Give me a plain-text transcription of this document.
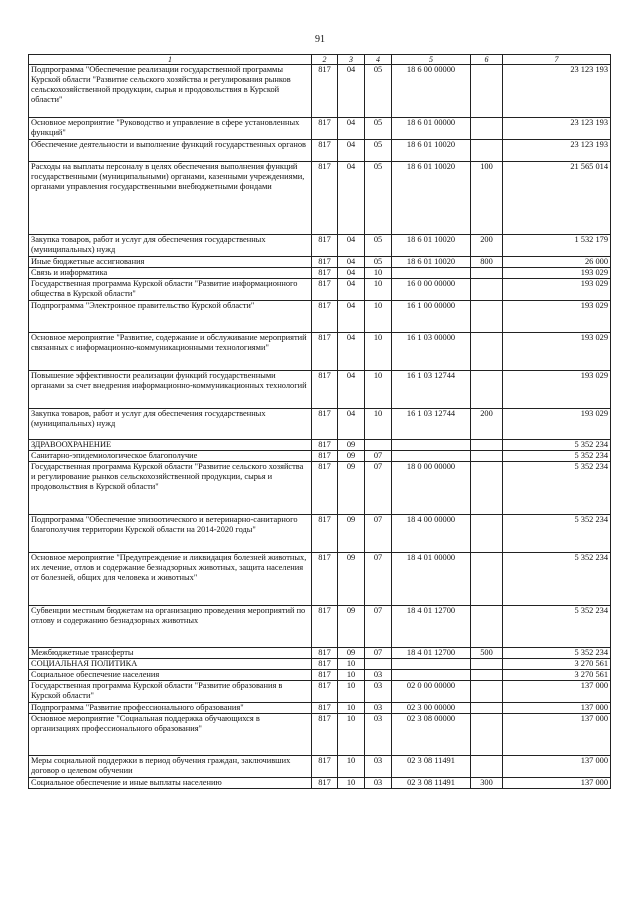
91
1	2	3	4	5	6	7
Подпрограмма "Обеспечение реализации государственной программы Курской области "Развитие сельского хозяйства и регулирования рынков сельскохозяйственной продукции, сырья и продовольствия в Курской области"	817	04	05	18 6 00 00000		23 123 193
Основное мероприятие "Руководство и управление в сфере установленных функций"	817	04	05	18 6 01 00000		23 123 193
Обеспечение деятельности и выполнение функций государственных органов	817	04	05	18 6 01 10020		23 123 193
Расходы на выплаты персоналу в целях обеспечения выполнения функций государственными (муниципальными) органами, казенными учреждениями, органами управления государственными внебюджетными фондами	817	04	05	18 6 01 10020	100	21 565 014
Закупка товаров, работ и услуг для обеспечения государственных (муниципальных) нужд	817	04	05	18 6 01 10020	200	1 532 179
Иные бюджетные ассигнования	817	04	05	18 6 01 10020	800	26 000
Связь и информатика	817	04	10			193 029
Государственная программа Курской области "Развитие информационного общества в Курской области"	817	04	10	16 0 00 00000		193 029
Подпрограмма "Электронное правительство Курской области"	817	04	10	16 1 00 00000		193 029
Основное мероприятие "Развитие, содержание и обслуживание мероприятий связанных с информационно-коммуникационными технологиями"	817	04	10	16 1 03 00000		193 029
Повышение эффективности реализации функций государственными органами за счет внедрения информационно-коммуникационных технологий	817	04	10	16 1 03 12744		193 029
Закупка товаров, работ и услуг для обеспечения государственных (муниципальных) нужд	817	04	10	16 1 03 12744	200	193 029
ЗДРАВООХРАНЕНИЕ	817	09				5 352 234
Санитарно-эпидемиологическое благополучие	817	09	07			5 352 234
Государственная программа Курской области "Развитие сельского хозяйства и регулирование рынков сельскохозяйственной продукции, сырья и продовольствия в Курской области"	817	09	07	18 0 00 00000		5 352 234
Подпрограмма "Обеспечение эпизоотического и ветеринарно-санитарного благополучия территории Курской области на 2014-2020 годы"	817	09	07	18 4 00 00000		5 352 234
Основное мероприятие "Предупреждение и ликвидация болезней животных, их лечение, отлов и содержание безнадзорных животных, защита населения от болезней, общих для человека и животных"	817	09	07	18 4 01 00000		5 352 234
Субвенции местным бюджетам на организацию проведения мероприятий по отлову и содержанию безнадзорных животных	817	09	07	18 4 01 12700		5 352 234
Межбюджетные трансферты	817	09	07	18 4 01 12700	500	5 352 234
СОЦИАЛЬНАЯ ПОЛИТИКА	817	10				3 270 561
Социальное обеспечение населения	817	10	03			3 270 561
Государственная программа Курской области "Развитие образования в Курской области"	817	10	03	02 0 00 00000		137 000
Подпрограмма "Развитие профессионального образования"	817	10	03	02 3 00 00000		137 000
Основное мероприятие "Социальная поддержка обучающихся в организациях профессионального образования"	817	10	03	02 3 08 00000		137 000
Меры социальной поддержки в период обучения граждан, заключивших договор о целевом обучении	817	10	03	02 3 08 11491		137 000
Социальное обеспечение и иные выплаты населению	817	10	03	02 3 08 11491	300	137 000
